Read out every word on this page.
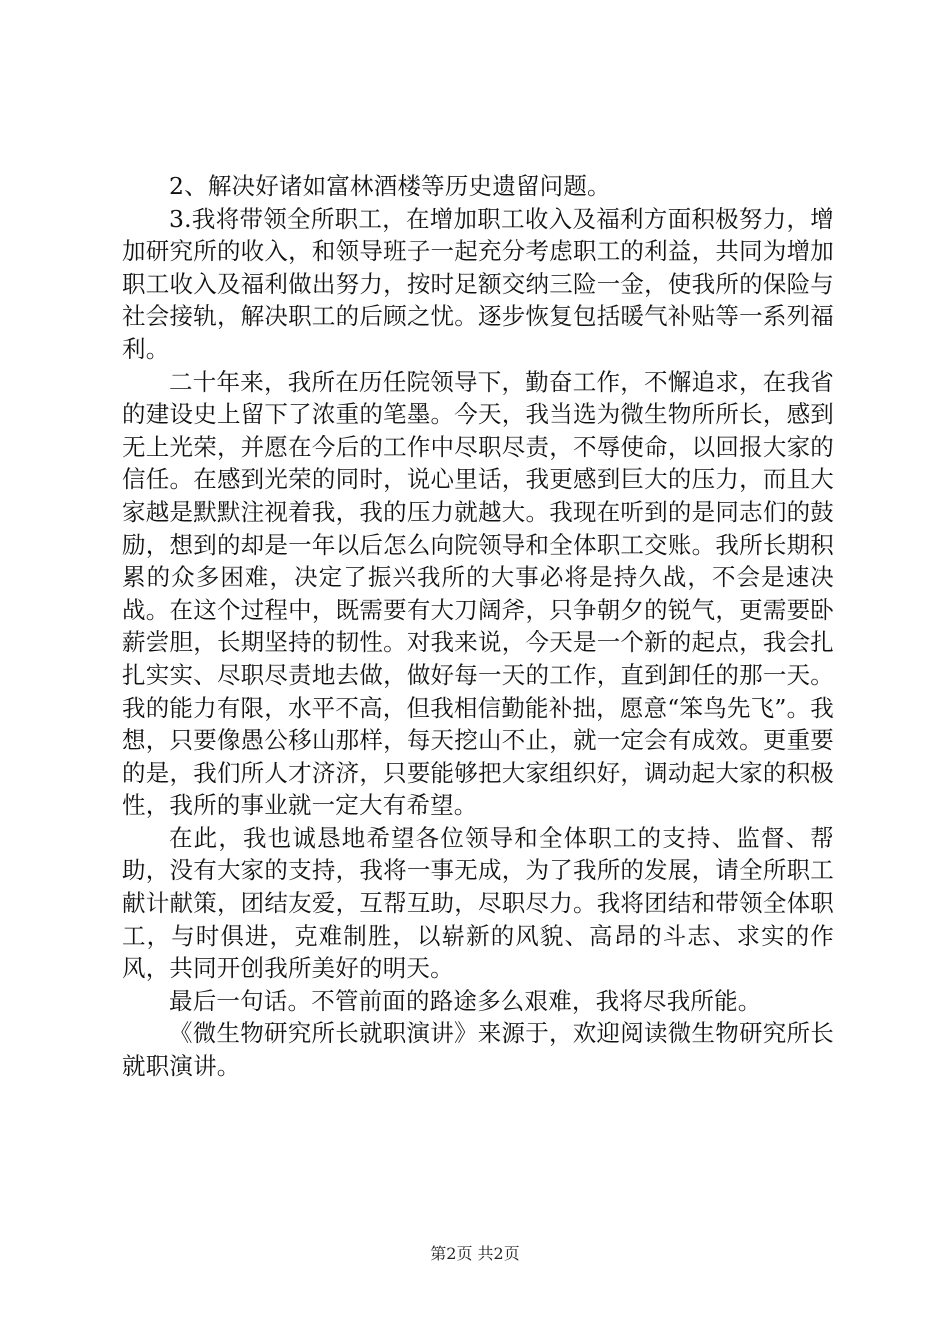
2、解决好诸如富林酒楼等历史遗留问题。

3.我将带领全所职工，在增加职工收入及福利方面积极努力，增加研究所的收入，和领导班子一起充分考虑职工的利益，共同为增加职工收入及福利做出努力，按时足额交纳三险一金，使我所的保险与社会接轨，解决职工的后顾之忧。逐步恢复包括暖气补贴等一系列福利。

二十年来，我所在历任院领导下，勤奋工作，不懈追求，在我省的建设史上留下了浓重的笔墨。今天，我当选为微生物所所长，感到无上光荣，并愿在今后的工作中尽职尽责，不辱使命，以回报大家的信任。在感到光荣的同时，说心里话，我更感到巨大的压力，而且大家越是默默注视着我，我的压力就越大。我现在听到的是同志们的鼓励，想到的却是一年以后怎么向院领导和全体职工交账。我所长期积累的众多困难，决定了振兴我所的大事必将是持久战，不会是速决战。在这个过程中，既需要有大刀阔斧，只争朝夕的锐气，更需要卧薪尝胆，长期坚持的韧性。对我来说，今天是一个新的起点，我会扎扎实实、尽职尽责地去做，做好每一天的工作，直到卸任的那一天。我的能力有限，水平不高，但我相信勤能补拙，愿意“笨鸟先飞”。我想，只要像愚公移山那样，每天挖山不止，就一定会有成效。更重要的是，我们所人才济济，只要能够把大家组织好，调动起大家的积极性，我所的事业就一定大有希望。

在此，我也诚恳地希望各位领导和全体职工的支持、监督、帮助，没有大家的支持，我将一事无成，为了我所的发展，请全所职工献计献策，团结友爱，互帮互助，尽职尽力。我将团结和带领全体职工，与时俱进，克难制胜，以崭新的风貌、高昂的斗志、求实的作风，共同开创我所美好的明天。

最后一句话。不管前面的路途多么艰难，我将尽我所能。

《微生物研究所长就职演讲》来源于，欢迎阅读微生物研究所长就职演讲。

第2页 共2页
